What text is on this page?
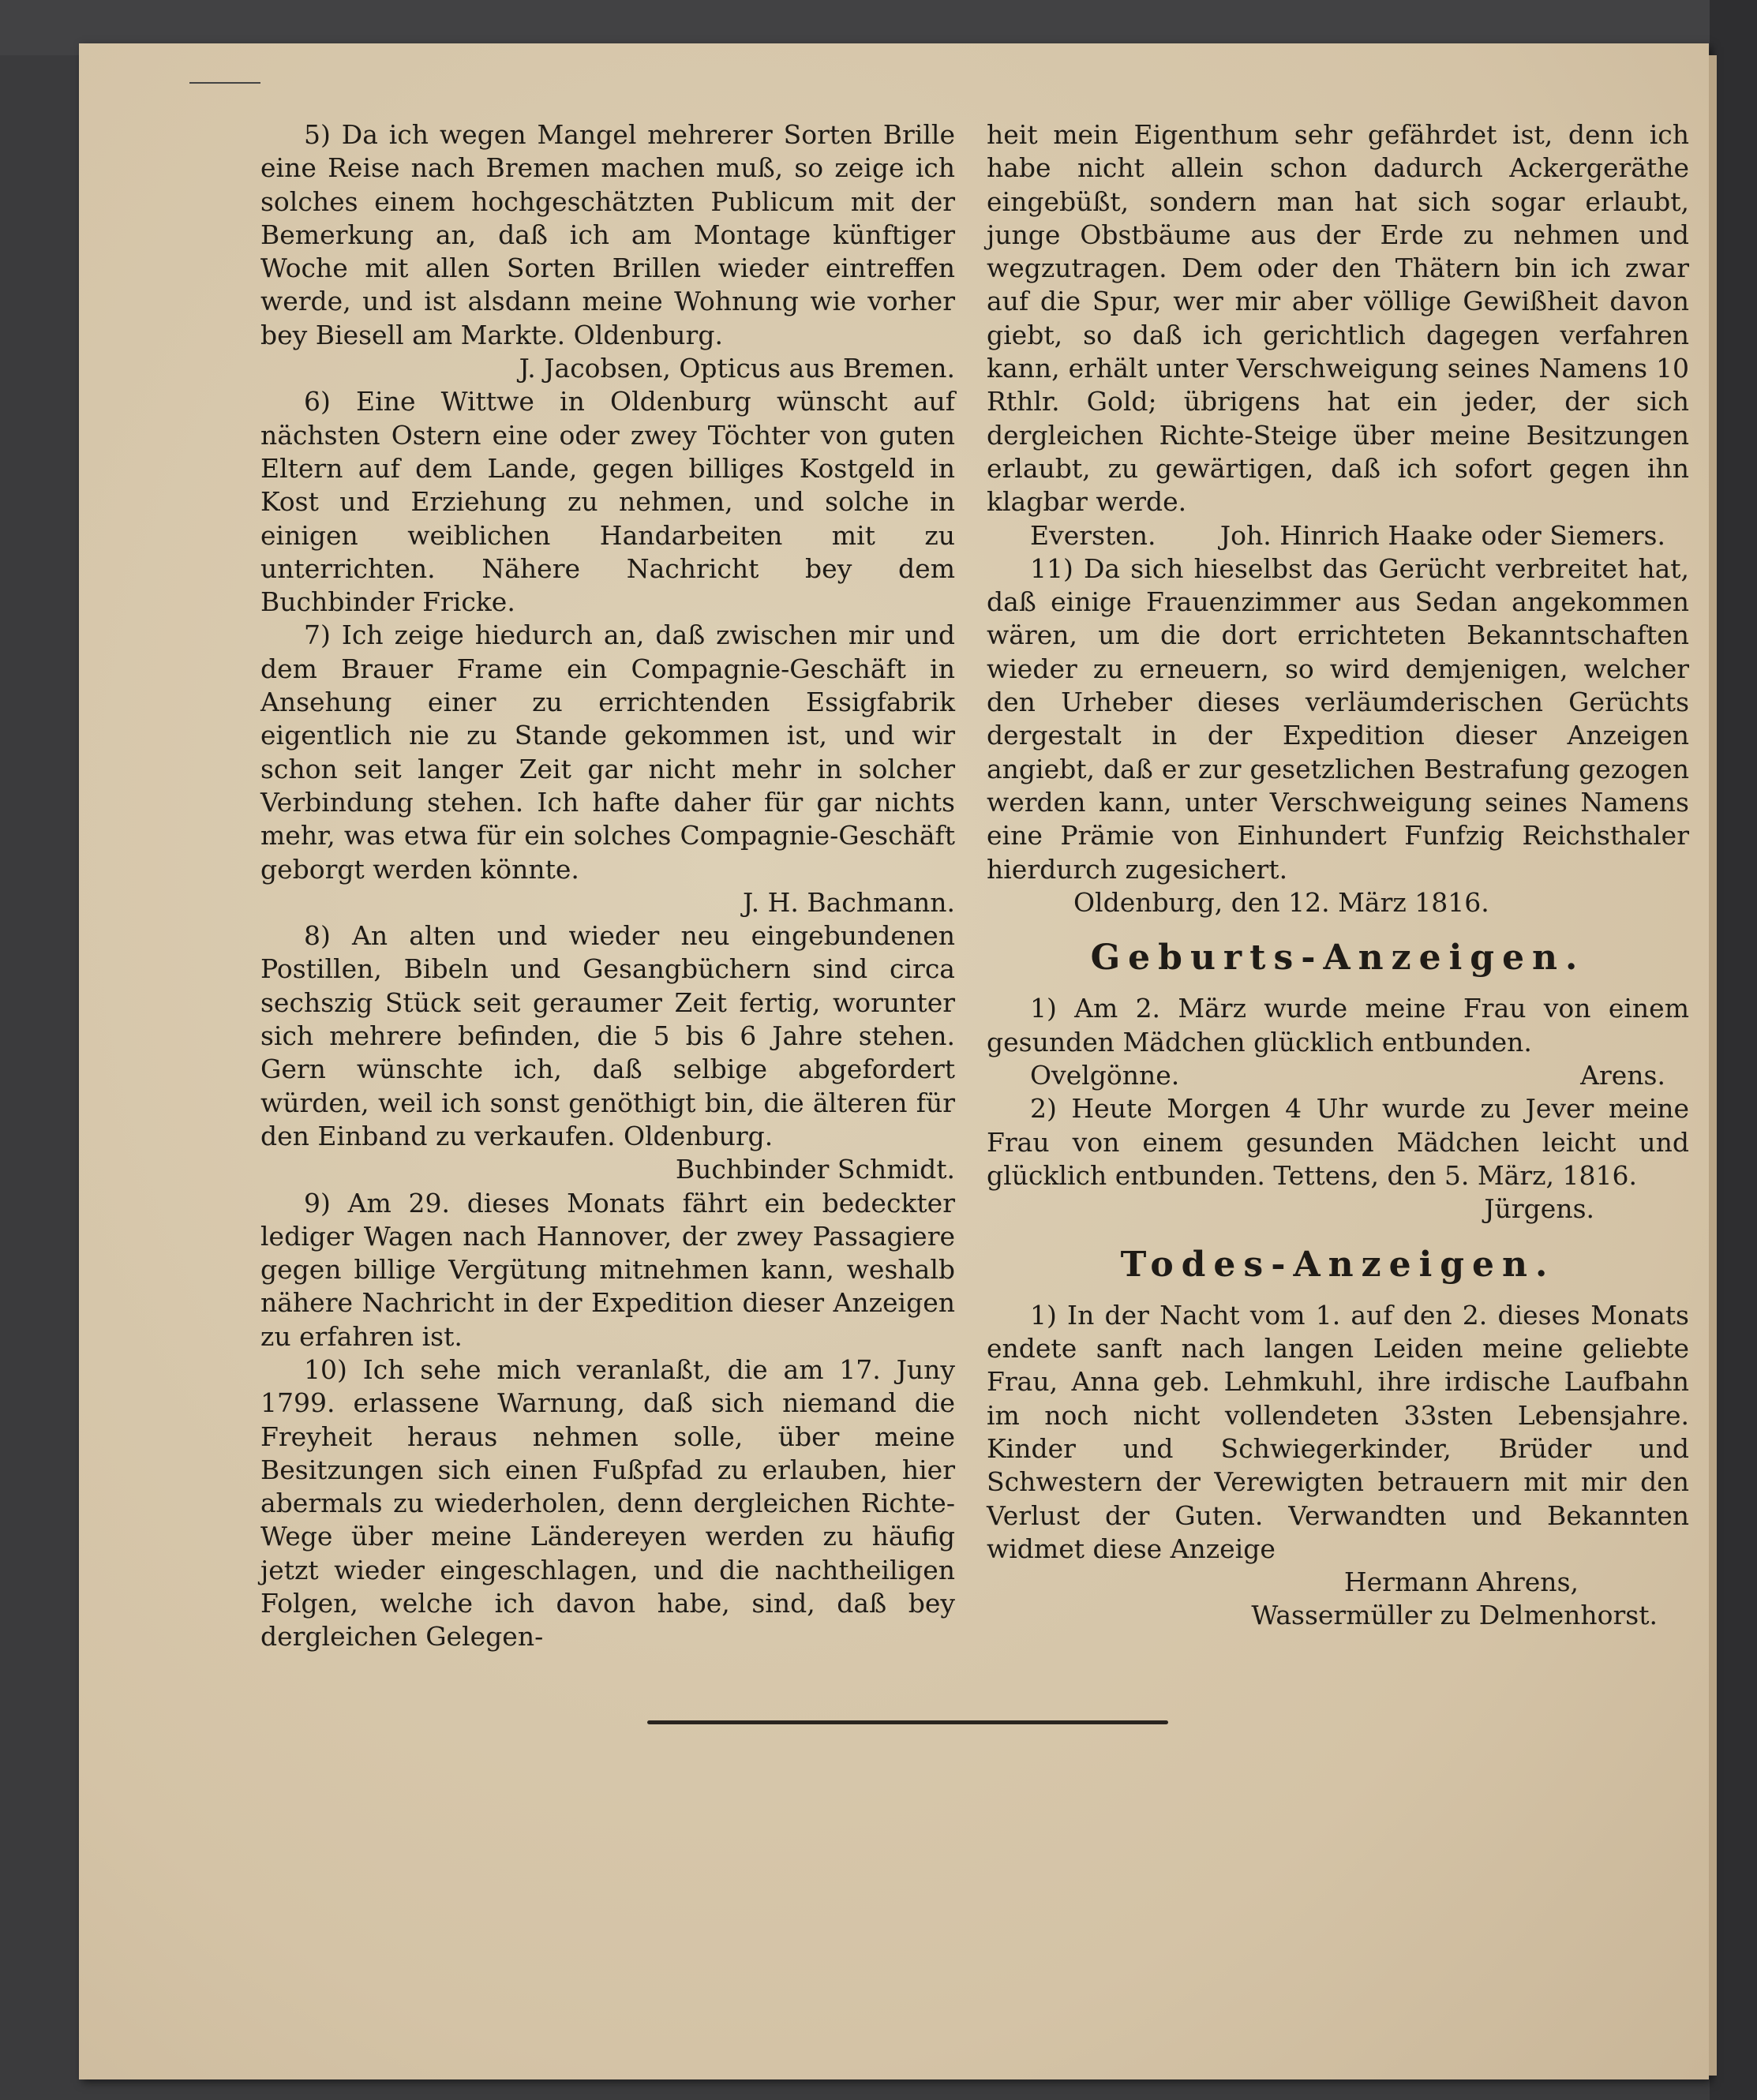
5) Da ich wegen Mangel mehrerer Sorten Brille eine Reise nach Bremen machen muß, so zeige ich solches einem hochgeschätzten Publicum mit der Bemerkung an, daß ich am Montage künftiger Woche mit allen Sorten Brillen wieder eintreffen werde, und ist alsdann meine Wohnung wie vorher bey Biesell am Markte. Oldenburg.

J. Jacobsen, Opticus aus Bremen.

6) Eine Wittwe in Oldenburg wünscht auf nächsten Ostern eine oder zwey Töchter von guten Eltern auf dem Lande, gegen billiges Kostgeld in Kost und Erziehung zu nehmen, und solche in einigen weiblichen Handarbeiten mit zu unterrichten. Nähere Nachricht bey dem Buchbinder Fricke.

7) Ich zeige hiedurch an, daß zwischen mir und dem Brauer Frame ein Compagnie-Geschäft in Ansehung einer zu errichtenden Essigfabrik eigentlich nie zu Stande gekommen ist, und wir schon seit langer Zeit gar nicht mehr in solcher Verbindung stehen. Ich hafte daher für gar nichts mehr, was etwa für ein solches Compagnie-Geschäft geborgt werden könnte.

J. H. Bachmann.

8) An alten und wieder neu eingebundenen Postillen, Bibeln und Gesangbüchern sind circa sechszig Stück seit geraumer Zeit fertig, worunter sich mehrere befinden, die 5 bis 6 Jahre stehen. Gern wünschte ich, daß selbige abgefordert würden, weil ich sonst genöthigt bin, die älteren für den Einband zu verkaufen. Oldenburg.

Buchbinder Schmidt.

9) Am 29. dieses Monats fährt ein bedeckter lediger Wagen nach Hannover, der zwey Passagiere gegen billige Vergütung mitnehmen kann, weshalb nähere Nachricht in der Expedition dieser Anzeigen zu erfahren ist.

10) Ich sehe mich veranlaßt, die am 17. Juny 1799. erlassene Warnung, daß sich niemand die Freyheit heraus nehmen solle, über meine Besitzungen sich einen Fußpfad zu erlauben, hier abermals zu wiederholen, denn dergleichen Richte-Wege über meine Ländereyen werden zu häufig jetzt wieder eingeschlagen, und die nachtheiligen Folgen, welche ich davon habe, sind, daß bey dergleichen Gelegen-

heit mein Eigenthum sehr gefährdet ist, denn ich habe nicht allein schon dadurch Ackergeräthe eingebüßt, sondern man hat sich sogar erlaubt, junge Obstbäume aus der Erde zu nehmen und wegzutragen. Dem oder den Thätern bin ich zwar auf die Spur, wer mir aber völlige Gewißheit davon giebt, so daß ich gerichtlich dagegen verfahren kann, erhält unter Verschweigung seines Namens 10 Rthlr. Gold; übrigens hat ein jeder, der sich dergleichen Richte-Steige über meine Besitzungen erlaubt, zu gewärtigen, daß ich sofort gegen ihn klagbar werde.

Eversten. Joh. Hinrich Haake oder Siemers.

11) Da sich hieselbst das Gerücht verbreitet hat, daß einige Frauenzimmer aus Sedan angekommen wären, um die dort errichteten Bekanntschaften wieder zu erneuern, so wird demjenigen, welcher den Urheber dieses verläumderischen Gerüchts dergestalt in der Expedition dieser Anzeigen angiebt, daß er zur gesetzlichen Bestrafung gezogen werden kann, unter Verschweigung seines Namens eine Prämie von Einhundert Funfzig Reichsthaler hierdurch zugesichert.

Oldenburg, den 12. März 1816.

Geburts-Anzeigen.

1) Am 2. März wurde meine Frau von einem gesunden Mädchen glücklich entbunden.

Ovelgönne.	Arens.

2) Heute Morgen 4 Uhr wurde zu Jever meine Frau von einem gesunden Mädchen leicht und glücklich entbunden. Tettens, den 5. März, 1816.

Jürgens.

Todes-Anzeigen.

1) In der Nacht vom 1. auf den 2. dieses Monats endete sanft nach langen Leiden meine geliebte Frau, Anna geb. Lehmkuhl, ihre irdische Laufbahn im noch nicht vollendeten 33sten Lebensjahre. Kinder und Schwiegerkinder, Brüder und Schwestern der Verewigten betrauern mit mir den Verlust der Guten. Verwandten und Bekannten widmet diese Anzeige

Hermann Ahrens,

Wassermüller zu Delmenhorst.
